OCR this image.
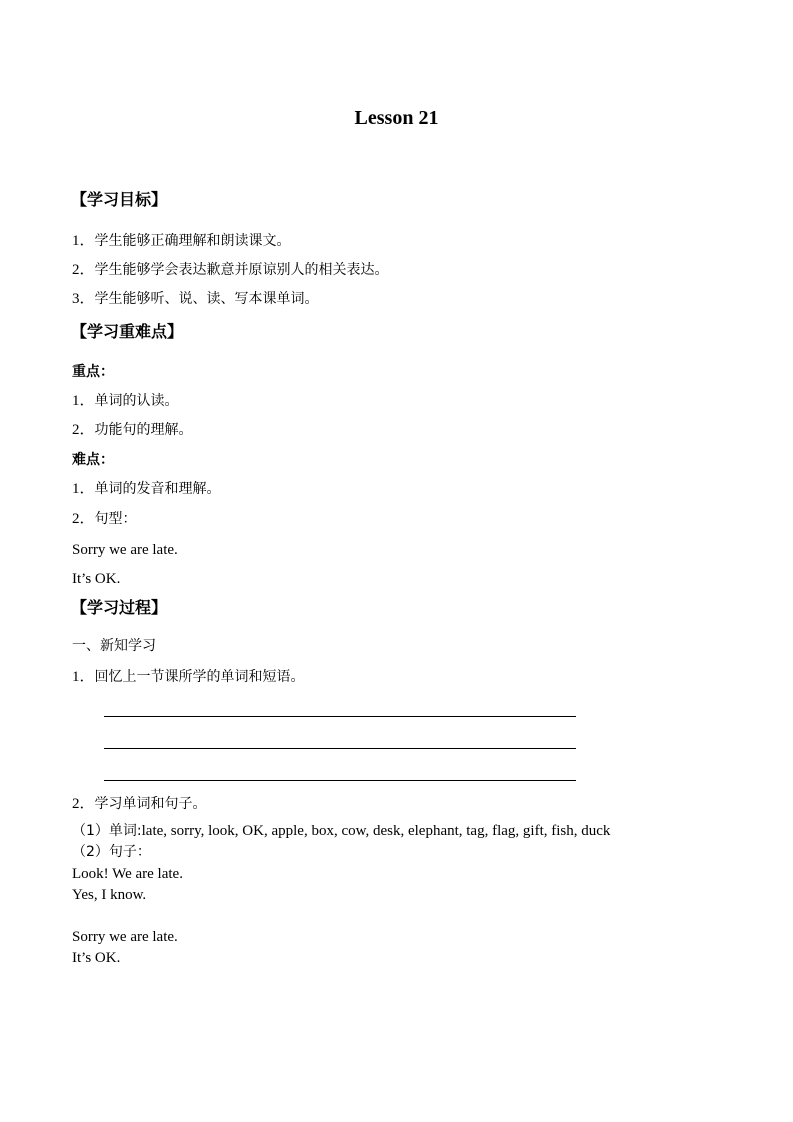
Lesson 21
【学习目标】
1．学生能够正确理解和朗读课文。
2．学生能够学会表达歉意并原谅别人的相关表达。
3．学生能够听、说、读、写本课单词。
【学习重难点】
重点：
1．单词的认读。
2．功能句的理解。
难点：
1．单词的发音和理解。
2．句型：
Sorry we are late.
It’s OK.
【学习过程】
一、新知学习
1．回忆上一节课所学的单词和短语。
2．学习单词和句子。
（1）单词:late, sorry, look, OK, apple, box, cow, desk, elephant, tag, flag, gift, fish, duck
（2）句子：
Look! We are late.
Yes, I know.
Sorry we are late.
It’s OK.
